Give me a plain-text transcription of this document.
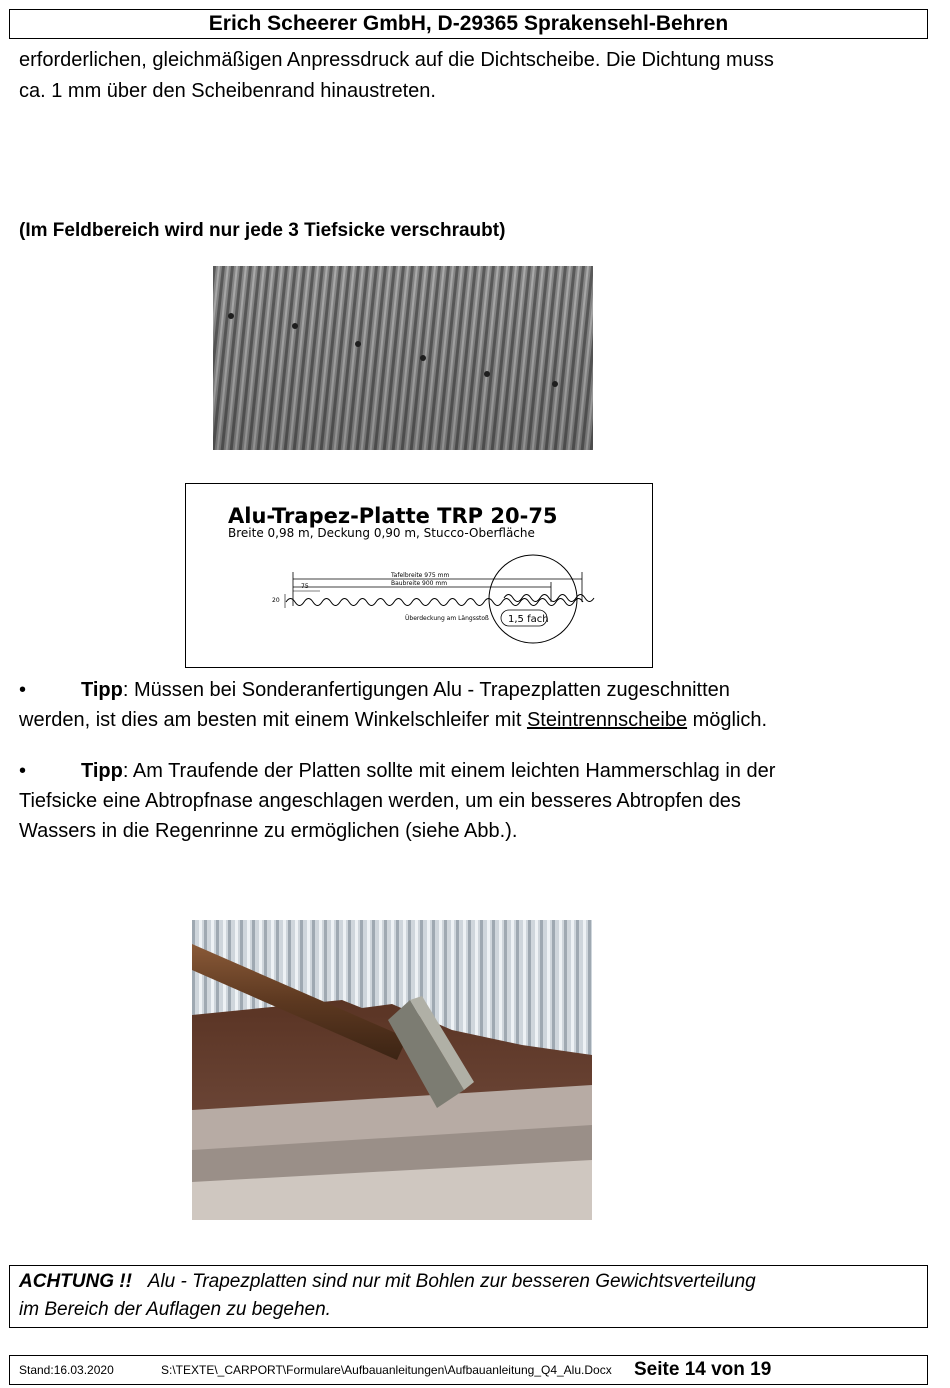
Erich Scheerer GmbH, D-29365 Sprakensehl-Behren

erforderlichen, gleichmäßigen Anpressdruck auf die Dichtscheibe. Die Dichtung muss

ca. 1 mm über den Scheibenrand hinaustreten.

(Im Feldbereich wird nur jede 3 Tiefsicke verschraubt)

Alu-Trapez-Platte TRP 20-75
Breite 0,98 m, Deckung 0,90 m, Stucco-Oberfläche
Tafelbreite 975 mm
Baubreite 900 mm
75
20
Überdeckung am Längsstoß 1,5 fach

•	Tipp: Müssen bei Sonderanfertigungen Alu - Trapezplatten zugeschnitten

werden, ist dies am besten mit einem Winkelschleifer mit Steintrennscheibe möglich.

•	Tipp: Am Traufende der Platten sollte mit einem leichten Hammerschlag in der

Tiefsicke eine Abtropfnase angeschlagen werden, um ein besseres Abtropfen des

Wassers in die Regenrinne zu ermöglichen (siehe Abb.).

ACHTUNG !! Alu - Trapezplatten sind nur mit Bohlen zur besseren Gewichtsverteilung
im Bereich der Auflagen zu begehen.
Stand:16.03.2020	S:\TEXTE\_CARPORT\Formulare\Aufbauanleitungen\Aufbauanleitung_Q4_Alu.Docx Seite 14 von 19
